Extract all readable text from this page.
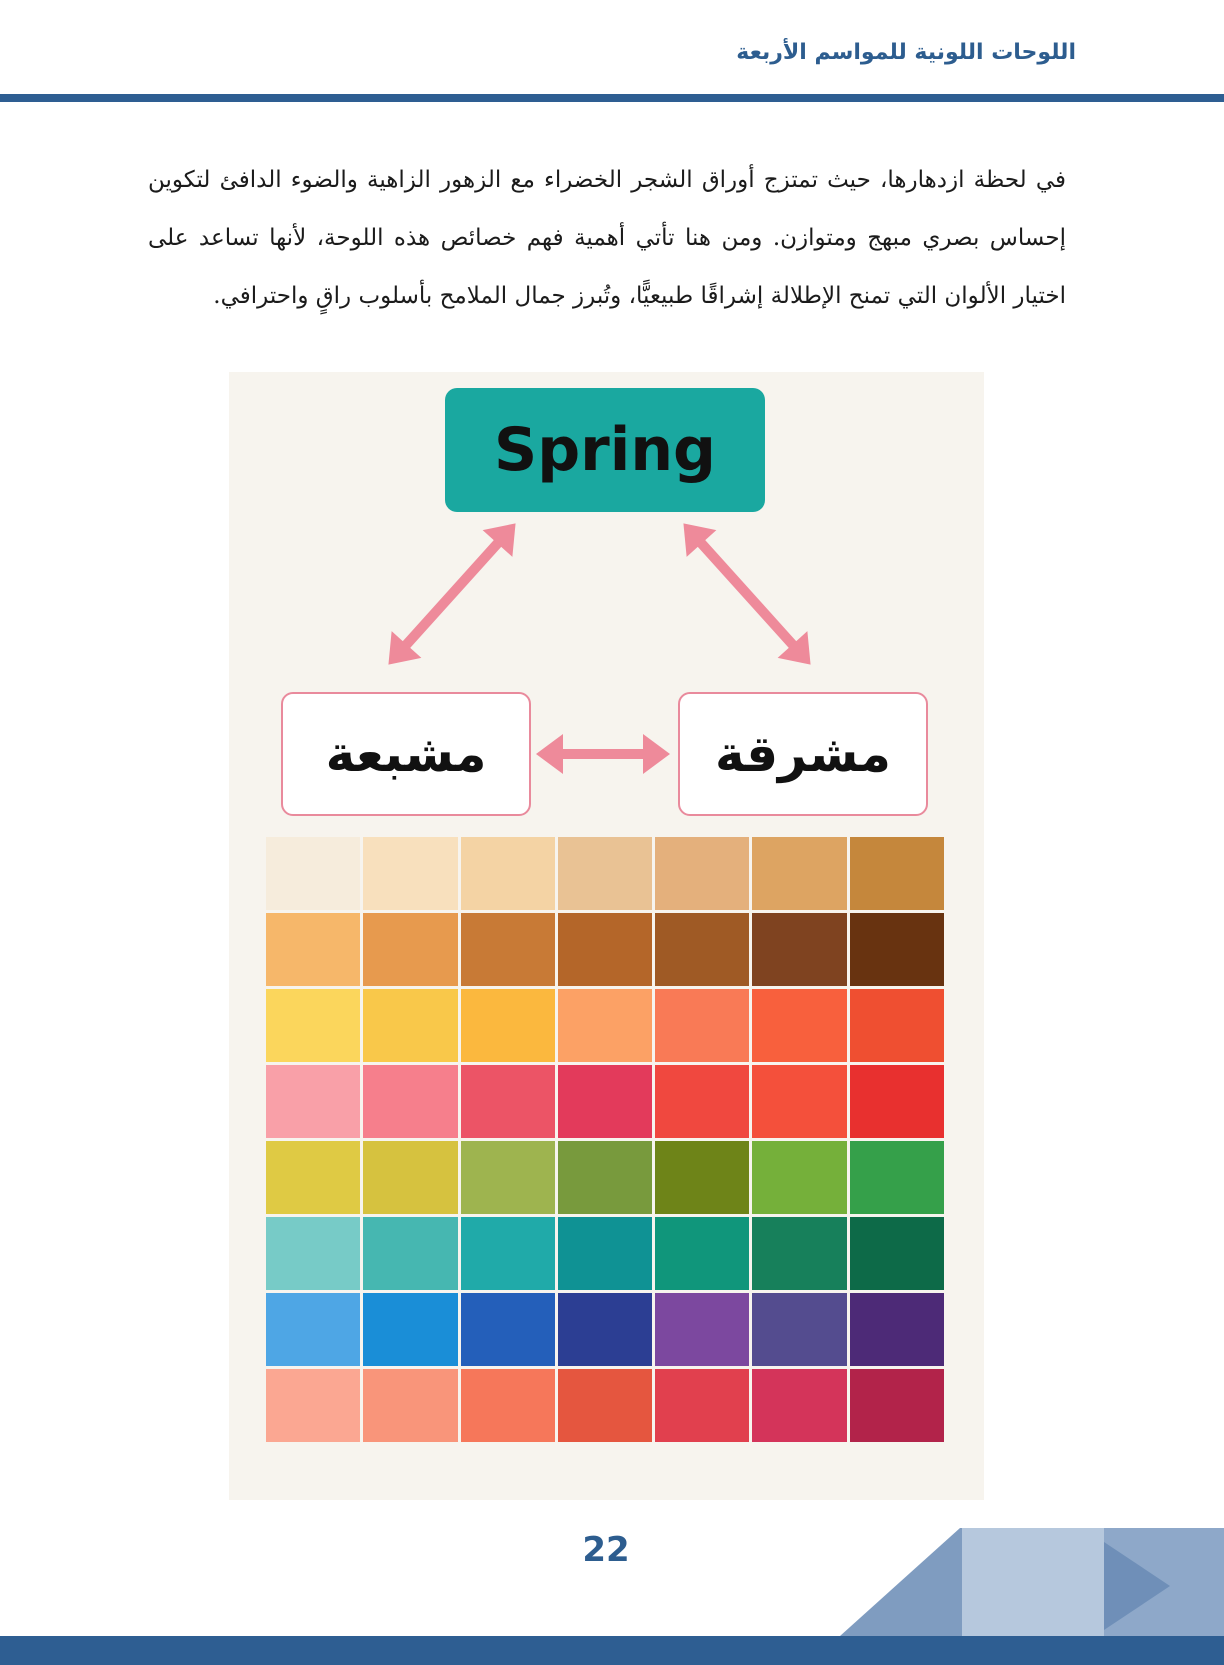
اللوحات اللونية للمواسم الأربعة

في لحظة ازدهارها، حيث تمتزج أوراق الشجر الخضراء مع الزهور الزاهية والضوء الدافئ لتكوين إحساس بصري مبهج ومتوازن. ومن هنا تأتي أهمية فهم خصائص هذه اللوحة، لأنها تساعد على اختيار الألوان التي تمنح الإطلالة إشراقًا طبيعيًّا، وتُبرز جمال الملامح بأسلوب راقٍ واحترافي.

Spring
مشبعة	مشرقة
22
